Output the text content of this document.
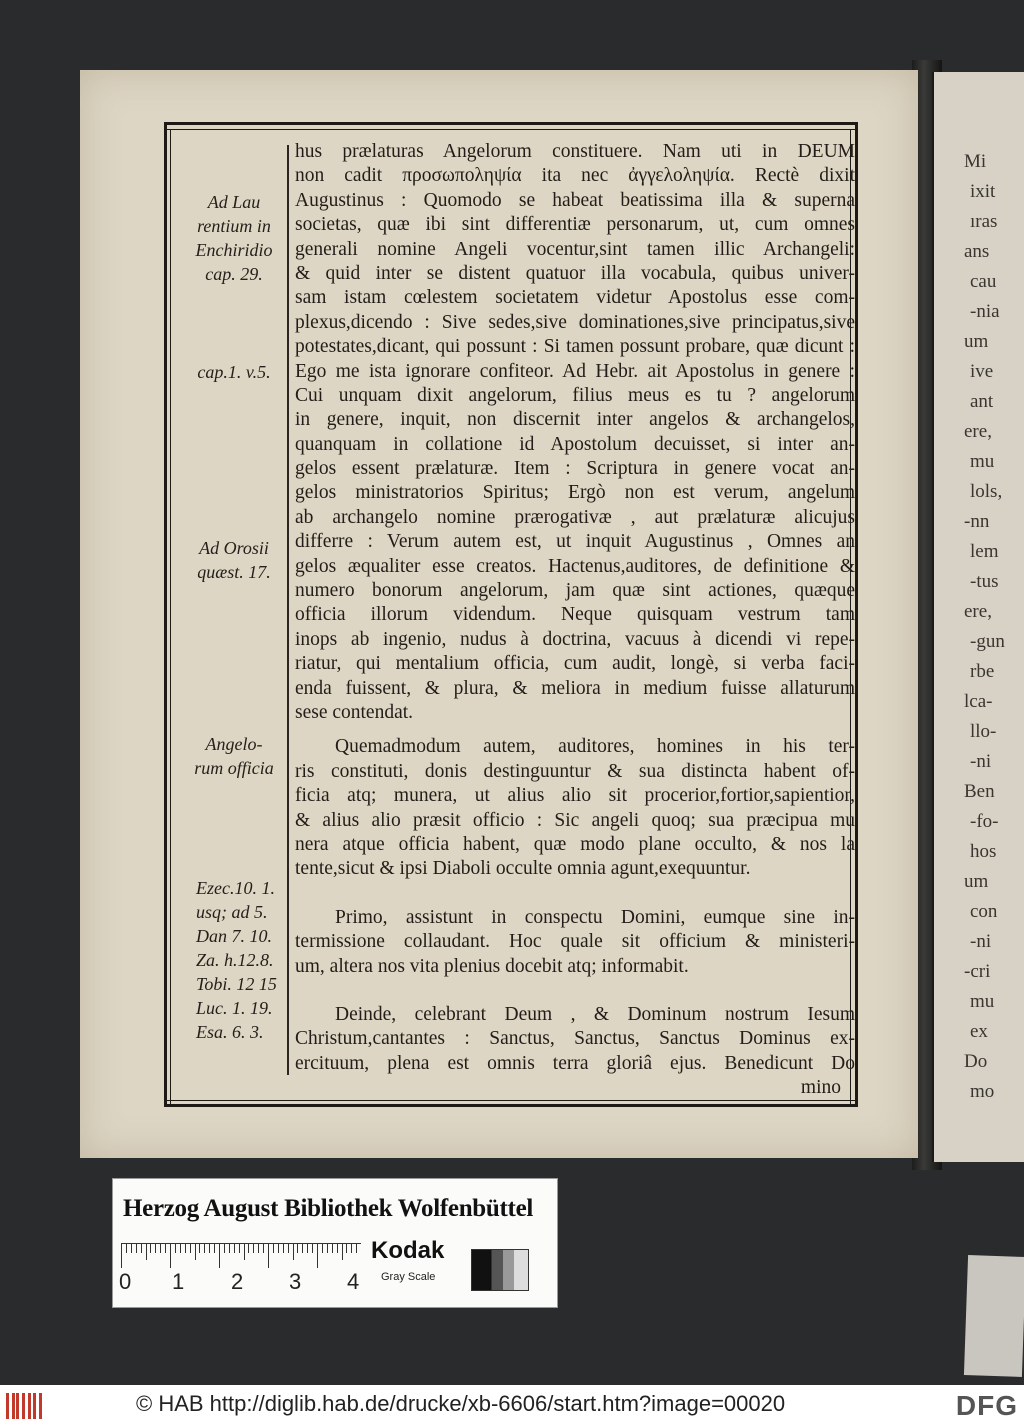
Mi
ixit
ıras
ans
cau
-nia
um
ive
ant
ere,
mu
lols,
-nn
lem
-tus
ere,
-gun
rbe
lca-
llo-
-ni
Ben
-fo-
hos
um
con
-ni
-cri
mu
ex
Do
mo
Ad Lau
rentium in
Enchiridio
cap. 29.
cap.1. v.5.
Ad Orosii
quæst. 17.
Angelo-
rum officia
Ezec.10. 1.
usq; ad 5.
Dan 7. 10.
Za. h.12.8.
Tobi. 12 15
Luc. 1. 19.
Esa. 6. 3.
hus prælaturas Angelorum constituere. Nam uti in DEUM
non cadit προσωποληψία ita nec ἀγγελοληψία. Rectè dixit
Augustinus : Quomodo se habeat beatissima illa & superna
societas, quæ ibi sint differentiæ personarum, ut, cum omnes
generali nomine Angeli vocentur,sint tamen illic Archangeli:
& quid inter se distent quatuor illa vocabula, quibus univer-
sam istam cœlestem societatem videtur Apostolus esse com-
plexus,dicendo : Sive sedes,sive dominationes,sive principatus,sive
potestates,dicant, qui possunt : Si tamen possunt probare, quæ dicunt :
Ego me ista ignorare confiteor. Ad Hebr. ait Apostolus in genere :
Cui unquam dixit angelorum, filius meus es tu ? angelorum
in genere, inquit, non discernit inter angelos & archangelos,
quanquam in collatione id Apostolum decuisset, si inter an-
gelos essent prælaturæ. Item : Scriptura in genere vocat an-
gelos ministratorios Spiritus; Ergò non est verum, angelum
ab archangelo nomine prærogativæ , aut prælaturæ alicujus
differre : Verum autem est, ut inquit Augustinus , Omnes an
gelos æqualiter esse creatos. Hactenus,auditores, de definitione &
numero bonorum angelorum, jam quæ sint actiones, quæque
officia illorum videndum. Neque quisquam vestrum tam
inops ab ingenio, nudus à doctrina, vacuus à dicendi vi repe-
riatur, qui mentalium officia, cum audit, longè, si verba faci-
enda fuissent, & plura, & meliora in medium fuisse allaturum
sese contendat.
Quemadmodum autem, auditores, homines in his ter-
ris constituti, donis destinguuntur & sua distincta habent of-
ficia atq; munera, ut alius alio sit procerior,fortior,sapientior,
& alius alio præsit officio : Sic angeli quoq; sua præcipua mu
nera atque officia habent, quæ modo plane occulto, & nos la
tente,sicut & ipsi Diaboli occulte omnia agunt,exequuntur.
Primo, assistunt in conspectu Domini, eumque sine in-
termissione collaudant. Hoc quale sit officium & ministeri-
um, altera nos vita plenius docebit atq; informabit.
Deinde, celebrant Deum , & Dominum nostrum Iesum
Christum,cantantes : Sanctus, Sanctus, Sanctus Dominus ex-
ercituum, plena est omnis terra gloriâ ejus. Benedicunt Do
mino
Herzog August Bibliothek Wolfenbüttel
0 1 2 3 4
Kodak
Gray Scale
© HAB http://diglib.hab.de/drucke/xb-6606/start.htm?image=00020	DFG
